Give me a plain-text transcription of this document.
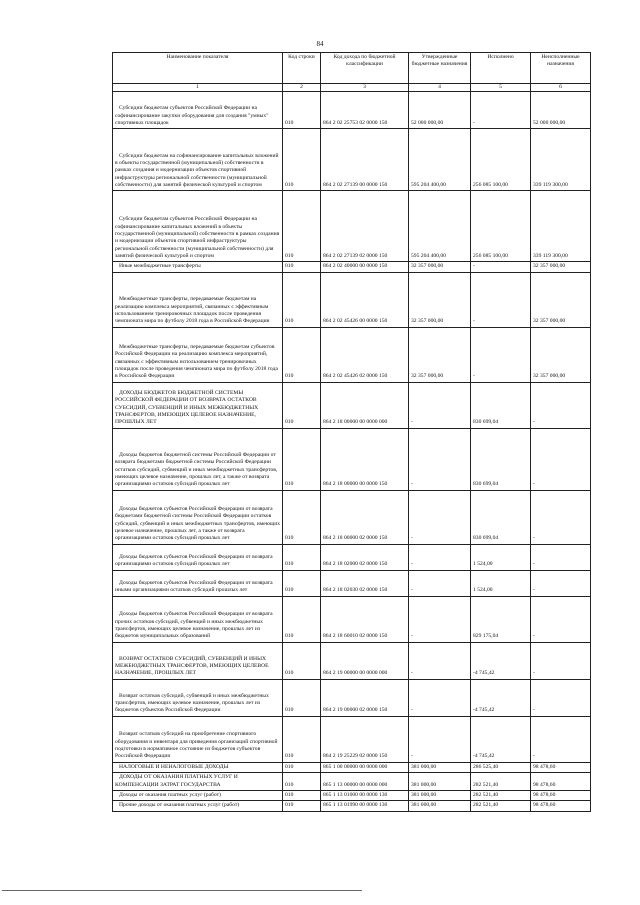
84
Наименование показателя	Код строки	Код дохода по бюджетной классификации	Утвержденные бюджетные назначения	Исполнено	Неисполненные назначения
1	2	3	4	5	6
Субсидии бюджетам субъектов Российской Федерации на софинансирование закупки оборудования для создания "умных" спортивных площадок	010	864 2 02 25753 02 0000 150	52 000 000,00	-	52 000 000,00
Субсидии бюджетам на софинансирование капитальных вложений в объекты государственной (муниципальной) собственности в рамках создания и модернизации объектов спортивной инфраструктуры региональной собственности (муниципальной собственности) для занятий физической культурой и спортом	010	864 2 02 27139 00 0000 150	595 204 400,00	256 085 100,00	339 119 300,00
Субсидии бюджетам субъектов Российской Федерации на софинансирование капитальных вложений в объекты государственной (муниципальной) собственности в рамках создания и модернизации объектов спортивной инфраструктуры региональной собственности (муниципальной собственности) для занятий физической культурой и спортом	010	864 2 02 27139 02 0000 150	595 204 400,00	256 085 100,00	339 119 300,00
Иные межбюджетные трансферты	010	864 2 02 40000 00 0000 150	32 357 000,00	-	32 357 000,00
Межбюджетные трансферты, передаваемые бюджетам на реализацию комплекса мероприятий, связанных с эффективным использованием тренировочных площадок после проведения чемпионата мира по футболу 2018 года в Российской Федерации	010	864 2 02 45426 00 0000 150	32 357 000,00	-	32 357 000,00
Межбюджетные трансферты, передаваемые бюджетам субъектов Российской Федерации на реализацию комплекса мероприятий, связанных с эффективным использованием тренировочных площадок после проведения чемпионата мира по футболу 2018 года в Российской Федерации	010	864 2 02 45426 02 0000 150	32 357 000,00	-	32 357 000,00
ДОХОДЫ БЮДЖЕТОВ БЮДЖЕТНОЙ СИСТЕМЫ РОССИЙСКОЙ ФЕДЕРАЦИИ ОТ ВОЗВРАТА ОСТАТКОВ СУБСИДИЙ, СУБВЕНЦИЙ И ИНЫХ МЕЖБЮДЖЕТНЫХ ТРАНСФЕРТОВ, ИМЕЮЩИХ ЦЕЛЕВОЕ НАЗНАЧЕНИЕ, ПРОШЛЫХ ЛЕТ	010	864 2 18 00000 00 0000 000	-	830 699,04	-
Доходы бюджетов бюджетной системы Российской Федерации от возврата бюджетами бюджетной системы Российской Федерации остатков субсидий, субвенций и иных межбюджетных трансфертов, имеющих целевое назначение, прошлых лет, а также от возврата организациями остатков субсидий прошлых лет	010	864 2 18 00000 00 0000 150	-	830 699,04	-
Доходы бюджетов субъектов Российской Федерации от возврата бюджетами бюджетной системы Российской Федерации остатков субсидий, субвенций и иных межбюджетных трансфертов, имеющих целевое назначение, прошлых лет, а также от возврата организациями остатков субсидий прошлых лет	010	864 2 18 00000 02 0000 150	-	830 699,04	-
Доходы бюджетов субъектов Российской Федерации от возврата организациями остатков субсидий прошлых лет	010	864 2 18 02000 02 0000 150	-	1 524,00	-
Доходы бюджетов субъектов Российской Федерации от возврата иными организациями остатков субсидий прошлых лет	010	864 2 18 02030 02 0000 150	-	1 524,00	-
Доходы бюджетов субъектов Российской Федерации от возврата прочих остатков субсидий, субвенций и иных межбюджетных трансфертов, имеющих целевое назначение, прошлых лет из бюджетов муниципальных образований	010	864 2 18 60010 02 0000 150	-	829 175,04	-
ВОЗВРАТ ОСТАТКОВ СУБСИДИЙ, СУБВЕНЦИЙ И ИНЫХ МЕЖБЮДЖЕТНЫХ ТРАНСФЕРТОВ, ИМЕЮЩИХ ЦЕЛЕВОЕ НАЗНАЧЕНИЕ, ПРОШЛЫХ ЛЕТ	010	864 2 19 00000 00 0000 000	-	-4 745,42	-
Возврат остатков субсидий, субвенций и иных межбюджетных трансфертов, имеющих целевое назначение, прошлых лет из бюджетов субъектов Российской Федерации	010	864 2 19 00000 02 0000 150	-	-4 745,42	-
Возврат остатков субсидий на приобретение спортивного оборудования и инвентаря для приведения организаций спортивной подготовки в нормативное состояние из бюджетов субъектов Российской Федерации	010	864 2 19 25229 02 0000 150	-	-4 745,42	-
НАЛОГОВЫЕ И НЕНАЛОГОВЫЕ ДОХОДЫ	010	865 1 00 00000 00 0000 000	381 000,00	286 525,40	98 478,60
ДОХОДЫ ОТ ОКАЗАНИЯ ПЛАТНЫХ УСЛУГ И КОМПЕНСАЦИИ ЗАТРАТ ГОСУДАРСТВА	010	865 1 13 00000 00 0000 000	381 000,00	282 521,40	98 478,60
Доходы от оказания платных услуг (работ)	010	865 1 13 01000 00 0000 130	381 000,00	282 521,40	98 478,60
Прочие доходы от оказания платных услуг (работ)	010	865 1 13 01990 00 0000 130	381 000,00	282 521,40	98 478,60
